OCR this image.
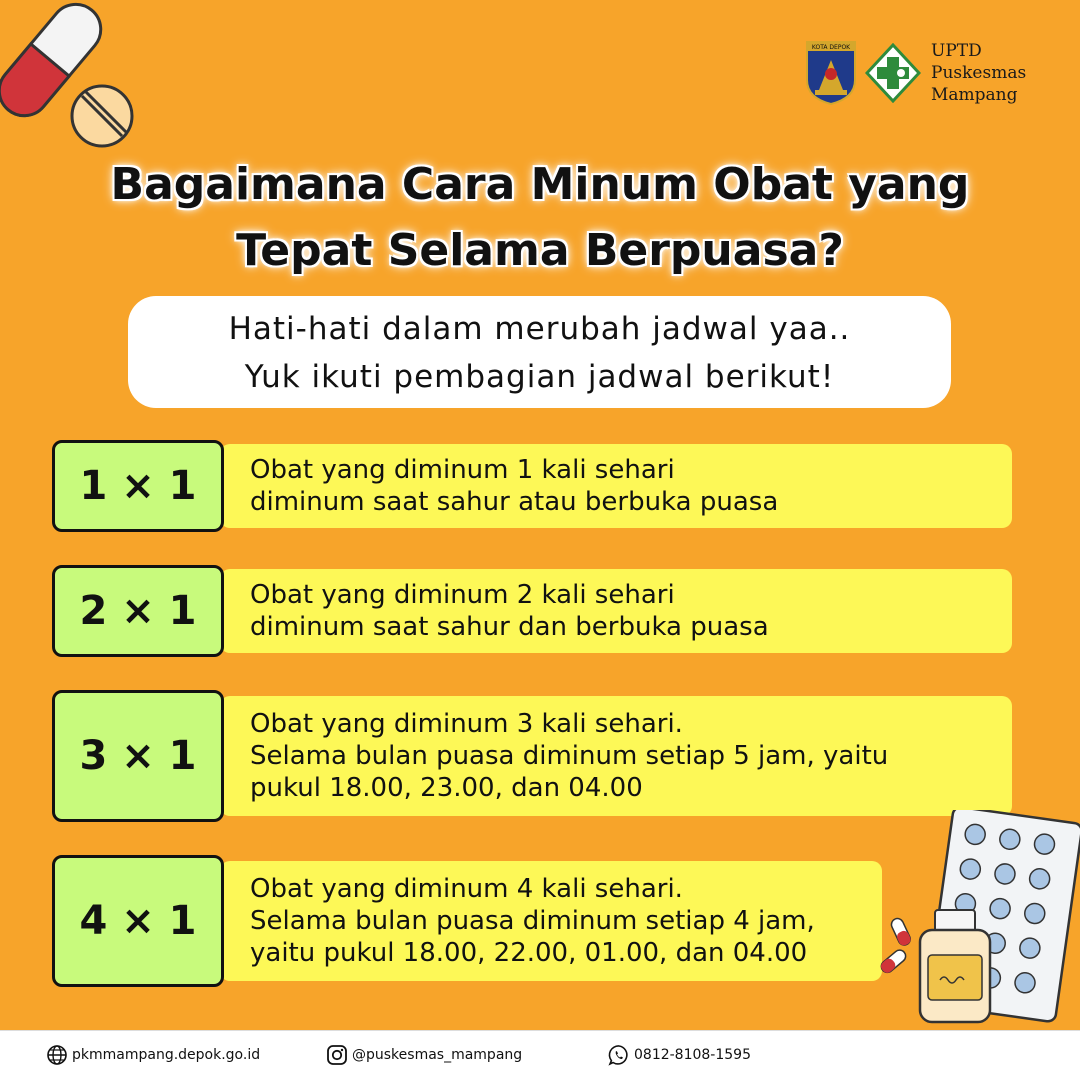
KOTA DEPOK	UPTD
Puskesmas
Mampang
Bagaimana Cara Minum Obat yang
Tepat Selama Berpuasa?
Hati-hati dalam merubah jadwal yaa..
Yuk ikuti pembagian jadwal berikut!
1 × 1	Obat yang diminum 1 kali sehari
diminum saat sahur atau berbuka puasa
2 × 1	Obat yang diminum 2 kali sehari
diminum saat sahur dan berbuka puasa
3 × 1
Obat yang diminum 3 kali sehari.
Selama bulan puasa diminum setiap 5 jam, yaitu
pukul 18.00, 23.00, dan 04.00
4 × 1
Obat yang diminum 4 kali sehari.
Selama bulan puasa diminum setiap 4 jam,
yaitu pukul 18.00, 22.00, 01.00, dan 04.00
pkmmampang.depok.go.id	@puskesmas_mampang	0812-8108-1595
